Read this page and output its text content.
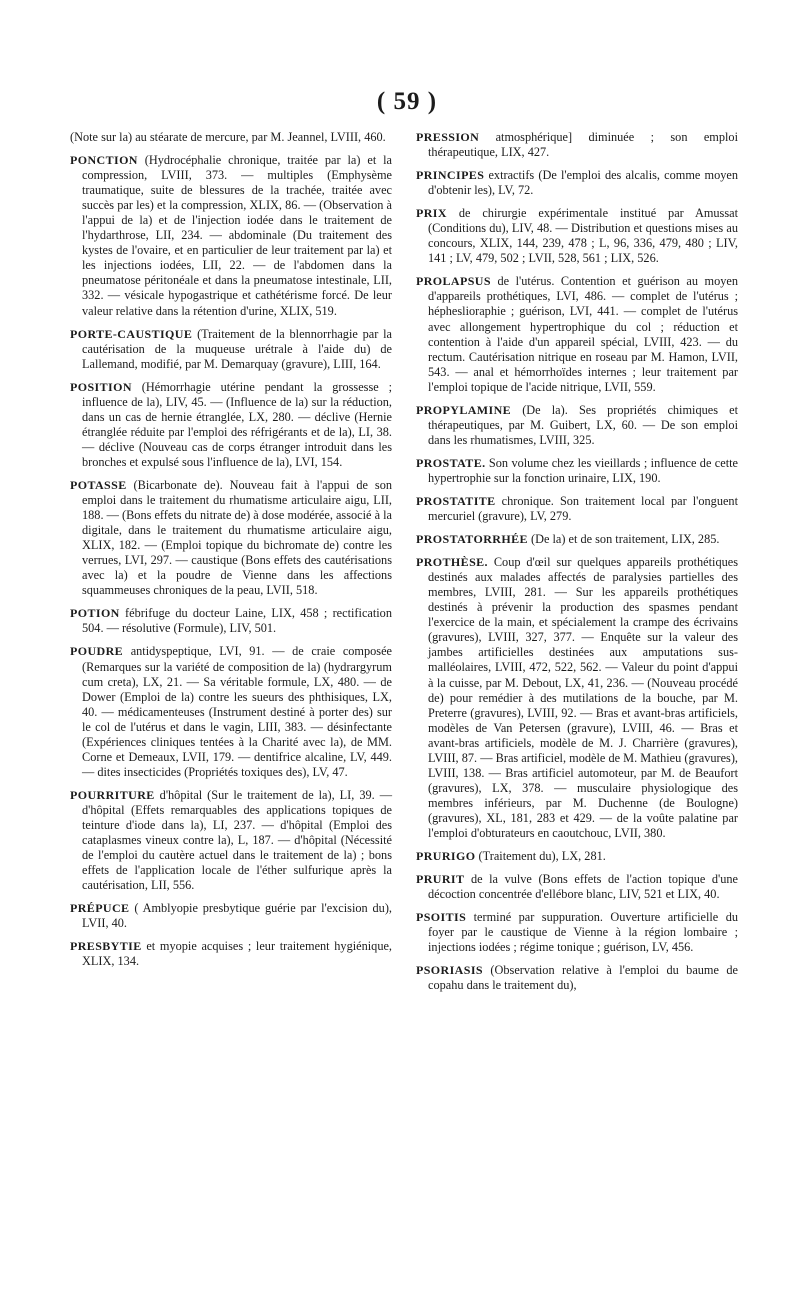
( 59 )

(Note sur la) au stéarate de mercure, par M. Jeannel, LVIII, 460.

PONCTION (Hydrocéphalie chronique, traitée par la) et la compression, LVIII, 373. — multiples (Emphysème traumatique, suite de blessures de la trachée, traitée avec succès par les) et la compression, XLIX, 86. — (Observation à l'appui de la) et de l'injection iodée dans le traitement de l'hydarthrose, LII, 234. — abdominale (Du traitement des kystes de l'ovaire, et en particulier de leur traitement par la) et les injections iodées, LII, 22. — de l'abdomen dans la pneumatose péritonéale et dans la pneumatose intestinale, LII, 332. — vésicale hypogastrique et cathétérisme forcé. De leur valeur relative dans la rétention d'urine, XLIX, 519.

PORTE-CAUSTIQUE (Traitement de la blennorrhagie par la cautérisation de la muqueuse urétrale à l'aide du) de Lallemand, modifié, par M. Demarquay (gravure), LIII, 164.

POSITION (Hémorrhagie utérine pendant la grossesse ; influence de la), LIV, 45. — (Influence de la) sur la réduction, dans un cas de hernie étranglée, LX, 280. — déclive (Hernie étranglée réduite par l'emploi des réfrigérants et de la), LI, 38. — déclive (Nouveau cas de corps étranger introduit dans les bronches et expulsé sous l'influence de la), LVI, 154.

POTASSE (Bicarbonate de). Nouveau fait à l'appui de son emploi dans le traitement du rhumatisme articulaire aigu, LII, 188. — (Bons effets du nitrate de) à dose modérée, associé à la digitale, dans le traitement du rhumatisme articulaire aigu, XLIX, 182. — (Emploi topique du bichromate de) contre les verrues, LVI, 297. — caustique (Bons effets des cautérisations avec la) et la poudre de Vienne dans les affections squammeuses chroniques de la peau, LVII, 518.

POTION fébrifuge du docteur Laine, LIX, 458 ; rectification 504. — résolutive (Formule), LIV, 501.

POUDRE antidyspeptique, LVI, 91. — de craie composée (Remarques sur la variété de composition de la) (hydrargyrum cum creta), LX, 21. — Sa véritable formule, LX, 480. — de Dower (Emploi de la) contre les sueurs des phthisiques, LX, 40. — médicamenteuses (Instrument destiné à porter des) sur le col de l'utérus et dans le vagin, LIII, 383. — désinfectante (Expériences cliniques tentées à la Charité avec la), de MM. Corne et Demeaux, LVII, 179. — dentifrice alcaline, LV, 449. — dites insecticides (Propriétés toxiques des), LV, 47.

POURRITURE d'hôpital (Sur le traitement de la), LI, 39. — d'hôpital (Effets remarquables des applications topiques de teinture d'iode dans la), LI, 237. — d'hôpital (Emploi des cataplasmes vineux contre la), L, 187. — d'hôpital (Nécessité de l'emploi du cautère actuel dans le traitement de la) ; bons effets de l'application locale de l'éther sulfurique après la cautérisation, LII, 556.

PRÉPUCE ( Amblyopie presbytique guérie par l'excision du), LVII, 40.

PRESBYTIE et myopie acquises ; leur traitement hygiénique, XLIX, 134.

PRESSION atmosphérique] diminuée ; son emploi thérapeutique, LIX, 427.

PRINCIPES extractifs (De l'emploi des alcalis, comme moyen d'obtenir les), LV, 72.

PRIX de chirurgie expérimentale institué par Amussat (Conditions du), LIV, 48. — Distribution et questions mises au concours, XLIX, 144, 239, 478 ; L, 96, 336, 479, 480 ; LIV, 141 ; LV, 479, 502 ; LVII, 528, 561 ; LIX, 526.

PROLAPSUS de l'utérus. Contention et guérison au moyen d'appareils prothétiques, LVI, 486. — complet de l'utérus ; hépheslioraphie ; guérison, LVI, 441. — complet de l'utérus avec allongement hypertrophique du col ; réduction et contention à l'aide d'un appareil spécial, LVIII, 423. — du rectum. Cautérisation nitrique en roseau par M. Hamon, LVII, 543. — anal et hémorrhoïdes internes ; leur traitement par l'emploi topique de l'acide nitrique, LVII, 559.

PROPYLAMINE (De la). Ses propriétés chimiques et thérapeutiques, par M. Guibert, LX, 60. — De son emploi dans les rhumatismes, LVIII, 325.

PROSTATE. Son volume chez les vieillards ; influence de cette hypertrophie sur la fonction urinaire, LIX, 190.

PROSTATITE chronique. Son traitement local par l'onguent mercuriel (gravure), LV, 279.

PROSTATORRHÉE (De la) et de son traitement, LIX, 285.

PROTHÈSE. Coup d'œil sur quelques appareils prothétiques destinés aux malades affectés de paralysies partielles des membres, LVIII, 281. — Sur les appareils prothétiques destinés à prévenir la production des spasmes pendant l'exercice de la main, et spécialement la crampe des écrivains (gravures), LVIII, 327, 377. — Enquête sur la valeur des jambes artificielles destinées aux amputations sus-malléolaires, LVIII, 472, 522, 562. — Valeur du point d'appui à la cuisse, par M. Debout, LX, 41, 236. — (Nouveau procédé de) pour remédier à des mutilations de la bouche, par M. Preterre (gravures), LVIII, 92. — Bras et avant-bras artificiels, modèles de Van Petersen (gravure), LVIII, 46. — Bras et avant-bras artificiels, modèle de M. J. Charrière (gravures), LVIII, 87. — Bras artificiel, modèle de M. Mathieu (gravures), LVIII, 138. — Bras artificiel automoteur, par M. de Beaufort (gravures), LX, 378. — musculaire physiologique des membres inférieurs, par M. Duchenne (de Boulogne) (gravures), XL, 181, 283 et 429. — de la voûte palatine par l'emploi d'obturateurs en caoutchouc, LVII, 380.

PRURIGO (Traitement du), LX, 281.

PRURIT de la vulve (Bons effets de l'action topique d'une décoction concentrée d'ellébore blanc, LIV, 521 et LIX, 40.

PSOITIS terminé par suppuration. Ouverture artificielle du foyer par le caustique de Vienne à la région lombaire ; injections iodées ; régime tonique ; guérison, LV, 456.

PSORIASIS (Observation relative à l'emploi du baume de copahu dans le traitement du),
